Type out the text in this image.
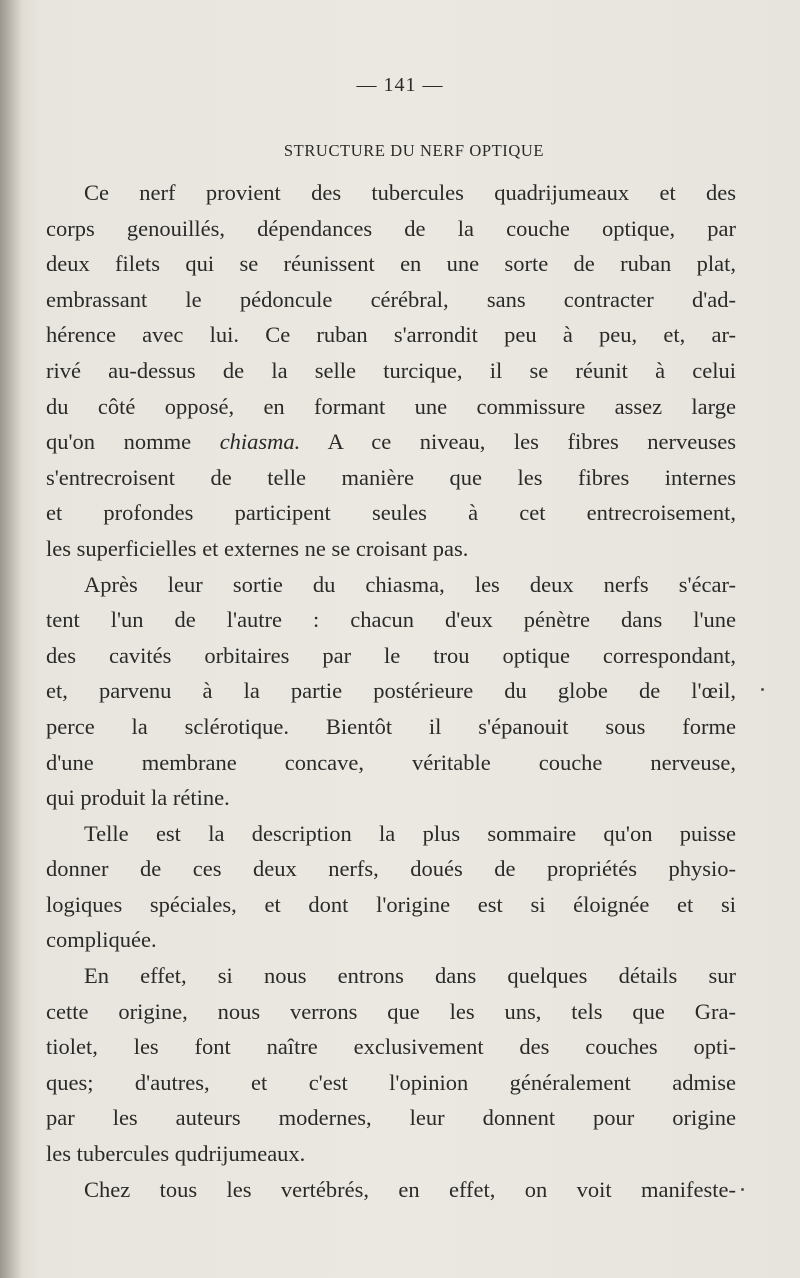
— 141 —
STRUCTURE DU NERF OPTIQUE
Ce nerf provient des tubercules quadrijumeaux et des
corps genouillés, dépendances de la couche optique, par
deux filets qui se réunissent en une sorte de ruban plat,
embrassant le pédoncule cérébral, sans contracter d'ad-
hérence avec lui. Ce ruban s'arrondit peu à peu, et, ar-
rivé au-dessus de la selle turcique, il se réunit à celui
du côté opposé, en formant une commissure assez large
qu'on nomme chiasma. A ce niveau, les fibres nerveuses
s'entrecroisent de telle manière que les fibres internes
et profondes participent seules à cet entrecroisement,
les superficielles et externes ne se croisant pas.
Après leur sortie du chiasma, les deux nerfs s'écar-
tent l'un de l'autre : chacun d'eux pénètre dans l'une
des cavités orbitaires par le trou optique correspondant,
et, parvenu à la partie postérieure du globe de l'œil,
perce la sclérotique. Bientôt il s'épanouit sous forme
d'une membrane concave, véritable couche nerveuse,
qui produit la rétine.
Telle est la description la plus sommaire qu'on puisse
donner de ces deux nerfs, doués de propriétés physio-
logiques spéciales, et dont l'origine est si éloignée et si
compliquée.
En effet, si nous entrons dans quelques détails sur
cette origine, nous verrons que les uns, tels que Gra-
tiolet, les font naître exclusivement des couches opti-
ques; d'autres, et c'est l'opinion généralement admise
par les auteurs modernes, leur donnent pour origine
les tubercules qudrijumeaux.
Chez tous les vertébrés, en effet, on voit manifeste-
